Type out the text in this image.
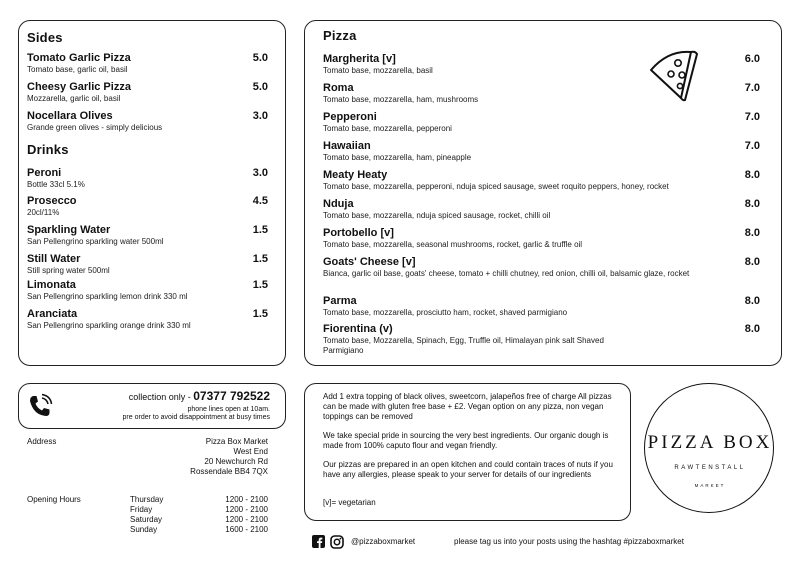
Sides
Drinks
Tomato Garlic Pizza
Tomato base, garlic oil, basil
5.0
Cheesy Garlic Pizza
Mozzarella, garlic oil, basil
5.0
Nocellara Olives
Grande green olives - simply delicious
3.0
Peroni
Bottle 33cl 5.1%
3.0
Prosecco
20cl/11%
4.5
Sparkling Water
San Pellengrino sparkling water 500ml
1.5
Still Water
Still spring water 500ml
1.5
Limonata
San Pellengrino sparkling lemon drink 330 ml
1.5
Aranciata
San Pellengrino sparkling orange drink 330 ml
1.5
Pizza
Margherita [v]
Tomato base, mozzarella, basil
6.0
Roma
Tomato base, mozzarella, ham, mushrooms
7.0
Pepperoni
Tomato base, mozzarella, pepperoni
7.0
Hawaiian
Tomato base, mozzarella, ham, pineapple
7.0
Meaty Heaty
Tomato base, mozzarella, pepperoni, nduja spiced sausage, sweet roquito peppers, honey, rocket
8.0
Nduja
Tomato base, mozzarella, nduja spiced sausage, rocket, chilli oil
8.0
Portobello [v]
Tomato base, mozzarella, seasonal mushrooms, rocket, garlic & truffle oil
8.0
Goats' Cheese [v]
Bianca, garlic oil base, goats' cheese, tomato + chilli chutney, red onion, chilli oil, balsamic glaze, rocket
8.0
Parma
Tomato base, mozzarella, prosciutto ham, rocket, shaved parmigiano
8.0
Fiorentina (v)
Tomato base, Mozzarella, Spinach, Egg, Truffle oil, Himalayan pink salt Shaved Parmigiano
8.0
collection only - 07377 792522
phone lines open at 10am.
pre order to avoid disappointment at busy times
Address	Pizza Box Market
West End
20 Newchurch Rd
Rossendale BB4 7QX
Opening Hours	Thursday	1200 - 2100
Friday	1200 - 2100
Saturday	1200 - 2100
Sunday	1600 - 2100
Add 1 extra topping of black olives, sweetcorn, jalapeños free of charge All pizzas can be made with gluten free base + £2. Vegan option on any pizza, non vegan toppings can be removed
We take special pride in sourcing the very best ingredients. Our organic dough is made from 100% caputo flour and vegan friendly.
Our pizzas are prepared in an open kitchen and could contain traces of nuts if you have any allergies, please speak to your server for details of our ingredients
[v]= vegetarian
PIZZA BOX
RAWTENSTALL
MARKET
@pizzaboxmarket	please tag us into your posts using the hashtag #pizzaboxmarket
